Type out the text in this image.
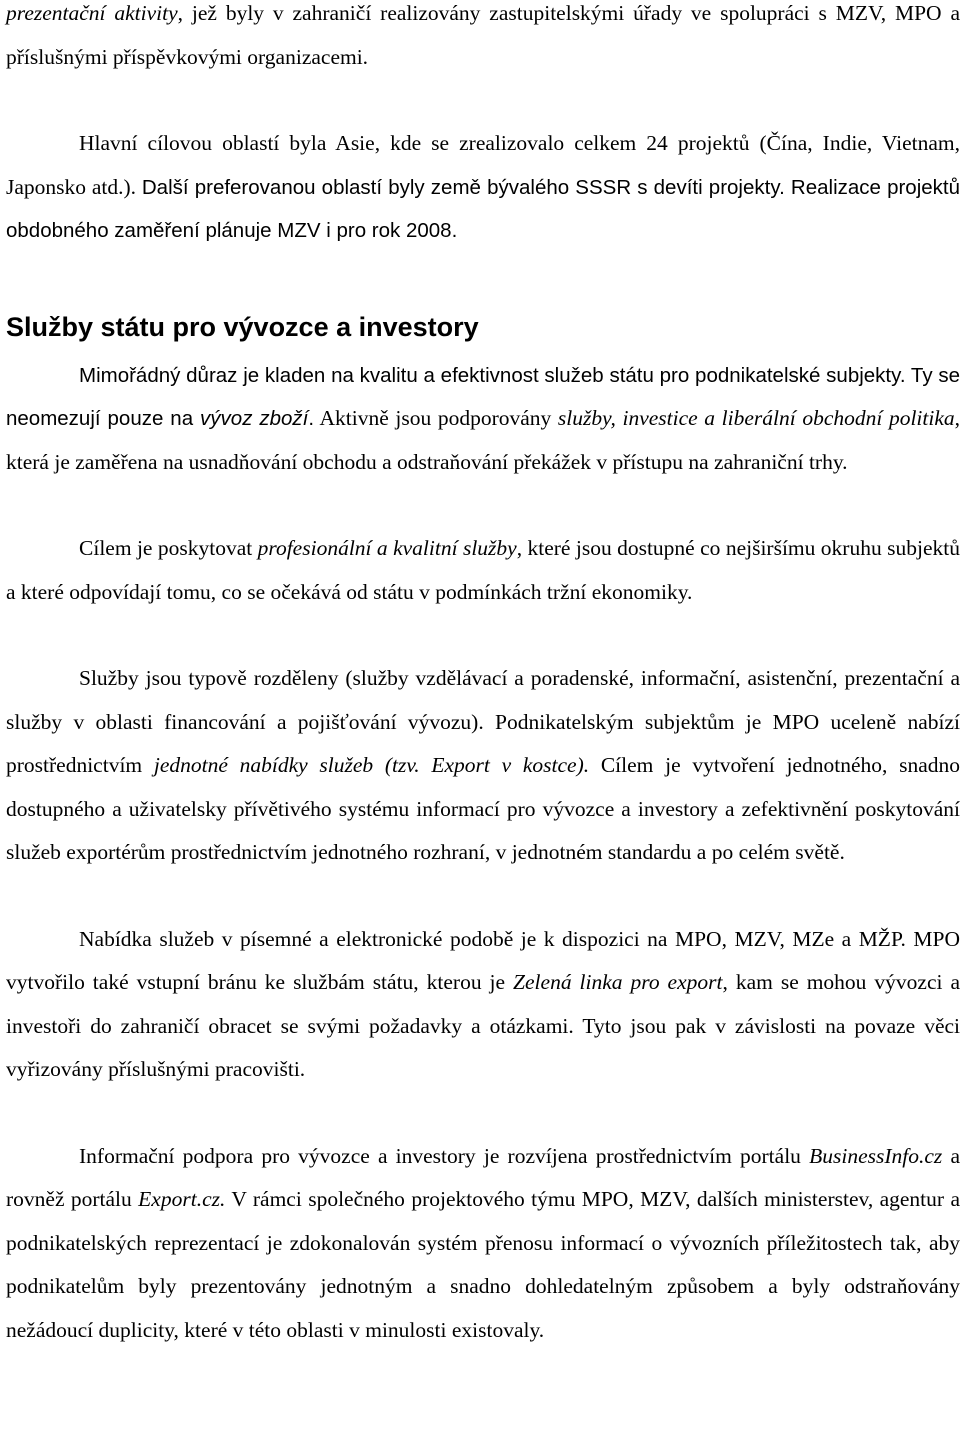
prezentační aktivity, jež byly v zahraničí realizovány zastupitelskými úřady ve spolupráci s MZV, MPO a příslušnými příspěvkovými organizacemi.

Hlavní cílovou oblastí byla Asie, kde se zrealizovalo celkem 24 projektů (Čína, Indie, Vietnam, Japonsko atd.). Další preferovanou oblastí byly země bývalého SSSR s devíti projekty. Realizace projektů obdobného zaměření plánuje MZV i pro rok 2008.

Služby státu pro vývozce a investory

Mimořádný důraz je kladen na kvalitu a efektivnost služeb státu pro podnikatelské subjekty. Ty se neomezují pouze na vývoz zboží. Aktivně jsou podporovány služby, investice a liberální obchodní politika, která je zaměřena na usnadňování obchodu a odstraňování překážek v přístupu na zahraniční trhy.

Cílem je poskytovat profesionální a kvalitní služby, které jsou dostupné co nejširšímu okruhu subjektů a které odpovídají tomu, co se očekává od státu v podmínkách tržní ekonomiky.

Služby jsou typově rozděleny (služby vzdělávací a poradenské, informační, asistenční, prezentační a služby v oblasti financování a pojišťování vývozu). Podnikatelským subjektům je MPO uceleně nabízí prostřednictvím jednotné nabídky služeb (tzv. Export v kostce). Cílem je vytvoření jednotného, snadno dostupného a uživatelsky přívětivého systému informací pro vývozce a investory a zefektivnění poskytování služeb exportérům prostřednictvím jednotného rozhraní, v jednotném standardu a po celém světě.

Nabídka služeb v písemné a elektronické podobě je k dispozici na MPO, MZV, MZe a MŽP. MPO vytvořilo také vstupní bránu ke službám státu, kterou je Zelená linka pro export, kam se mohou vývozci a investoři do zahraničí obracet se svými požadavky a otázkami. Tyto jsou pak v závislosti na povaze věci vyřizovány příslušnými pracovišti.

Informační podpora pro vývozce a investory je rozvíjena prostřednictvím portálu BusinessInfo.cz a rovněž portálu Export.cz. V rámci společného projektového týmu MPO, MZV, dalších ministerstev, agentur a podnikatelských reprezentací je zdokonalován systém přenosu informací o vývozních příležitostech tak, aby podnikatelům byly prezentovány jednotným a snadno dohledatelným způsobem a byly odstraňovány nežádoucí duplicity, které v této oblasti v minulosti existovaly.
